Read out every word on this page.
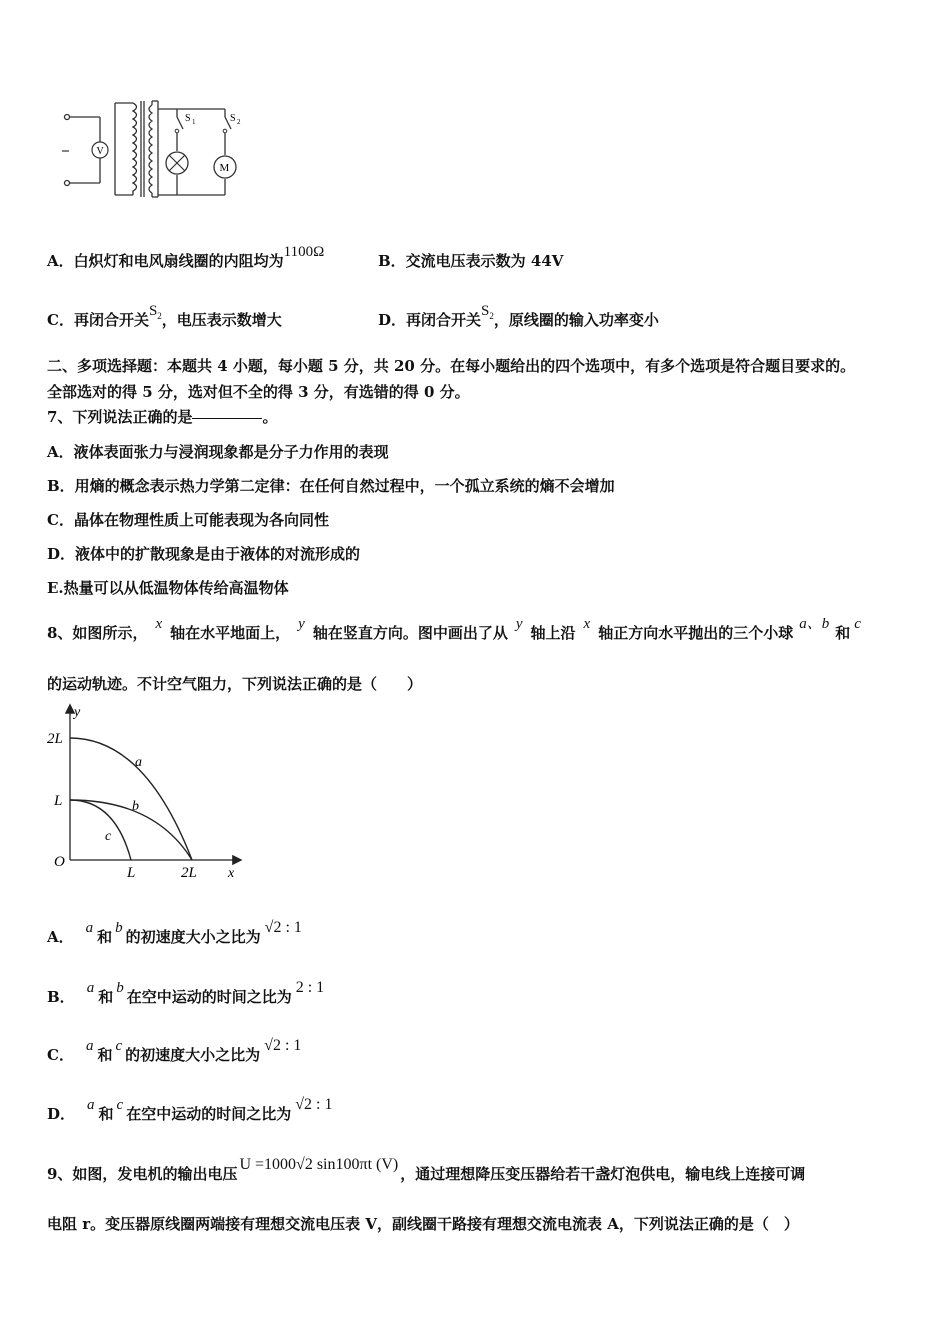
V
M
S 1	S 2
A．白炽灯和电风扇线圈的内阻均为1100Ω	B．交流电压表示数为 44V
C．再闭合开关$S_2$，电压表示数增大	D．再闭合开关$S_2$，原线圈的输入功率变小
二、多项选择题：本题共 4 小题，每小题 5 分，共 20 分。在每小题给出的四个选项中，有多个选项是符合题目要求的。
全部选对的得 5 分，选对但不全的得 3 分，有选错的得 0 分。
7、下列说法正确的是	。
A．液体表面张力与浸润现象都是分子力作用的表现
B．用熵的概念表示热力学第二定律：在任何自然过程中，一个孤立系统的熵不会增加
C．晶体在物理性质上可能表现为各向同性
D．液体中的扩散现象是由于液体的对流形成的
E.热量可以从低温物体传给高温物体
8、如图所示， x 轴在水平地面上， y 轴在竖直方向。图中画出了从 y 轴上沿 x 轴正方向水平抛出的三个小球 a、b 和 c
的运动轨迹。不计空气阻力，下列说法正确的是（　　）
y
x
2L
L
O
L	2L
a
b
c
A． a 和 b 的初速度大小之比为√2 : 1
B． a 和 b 在空中运动的时间之比为2 : 1
C． a 和 c 的初速度大小之比为√2 : 1
D． a 和 c 在空中运动的时间之比为√2 : 1
9、如图，发电机的输出电压U =1000√2 sin100πt (V)，通过理想降压变压器给若干盏灯泡供电，输电线上连接可调
电阻 r。变压器原线圈两端接有理想交流电压表 V，副线圈干路接有理想交流电流表 A，下列说法正确的是（　）
